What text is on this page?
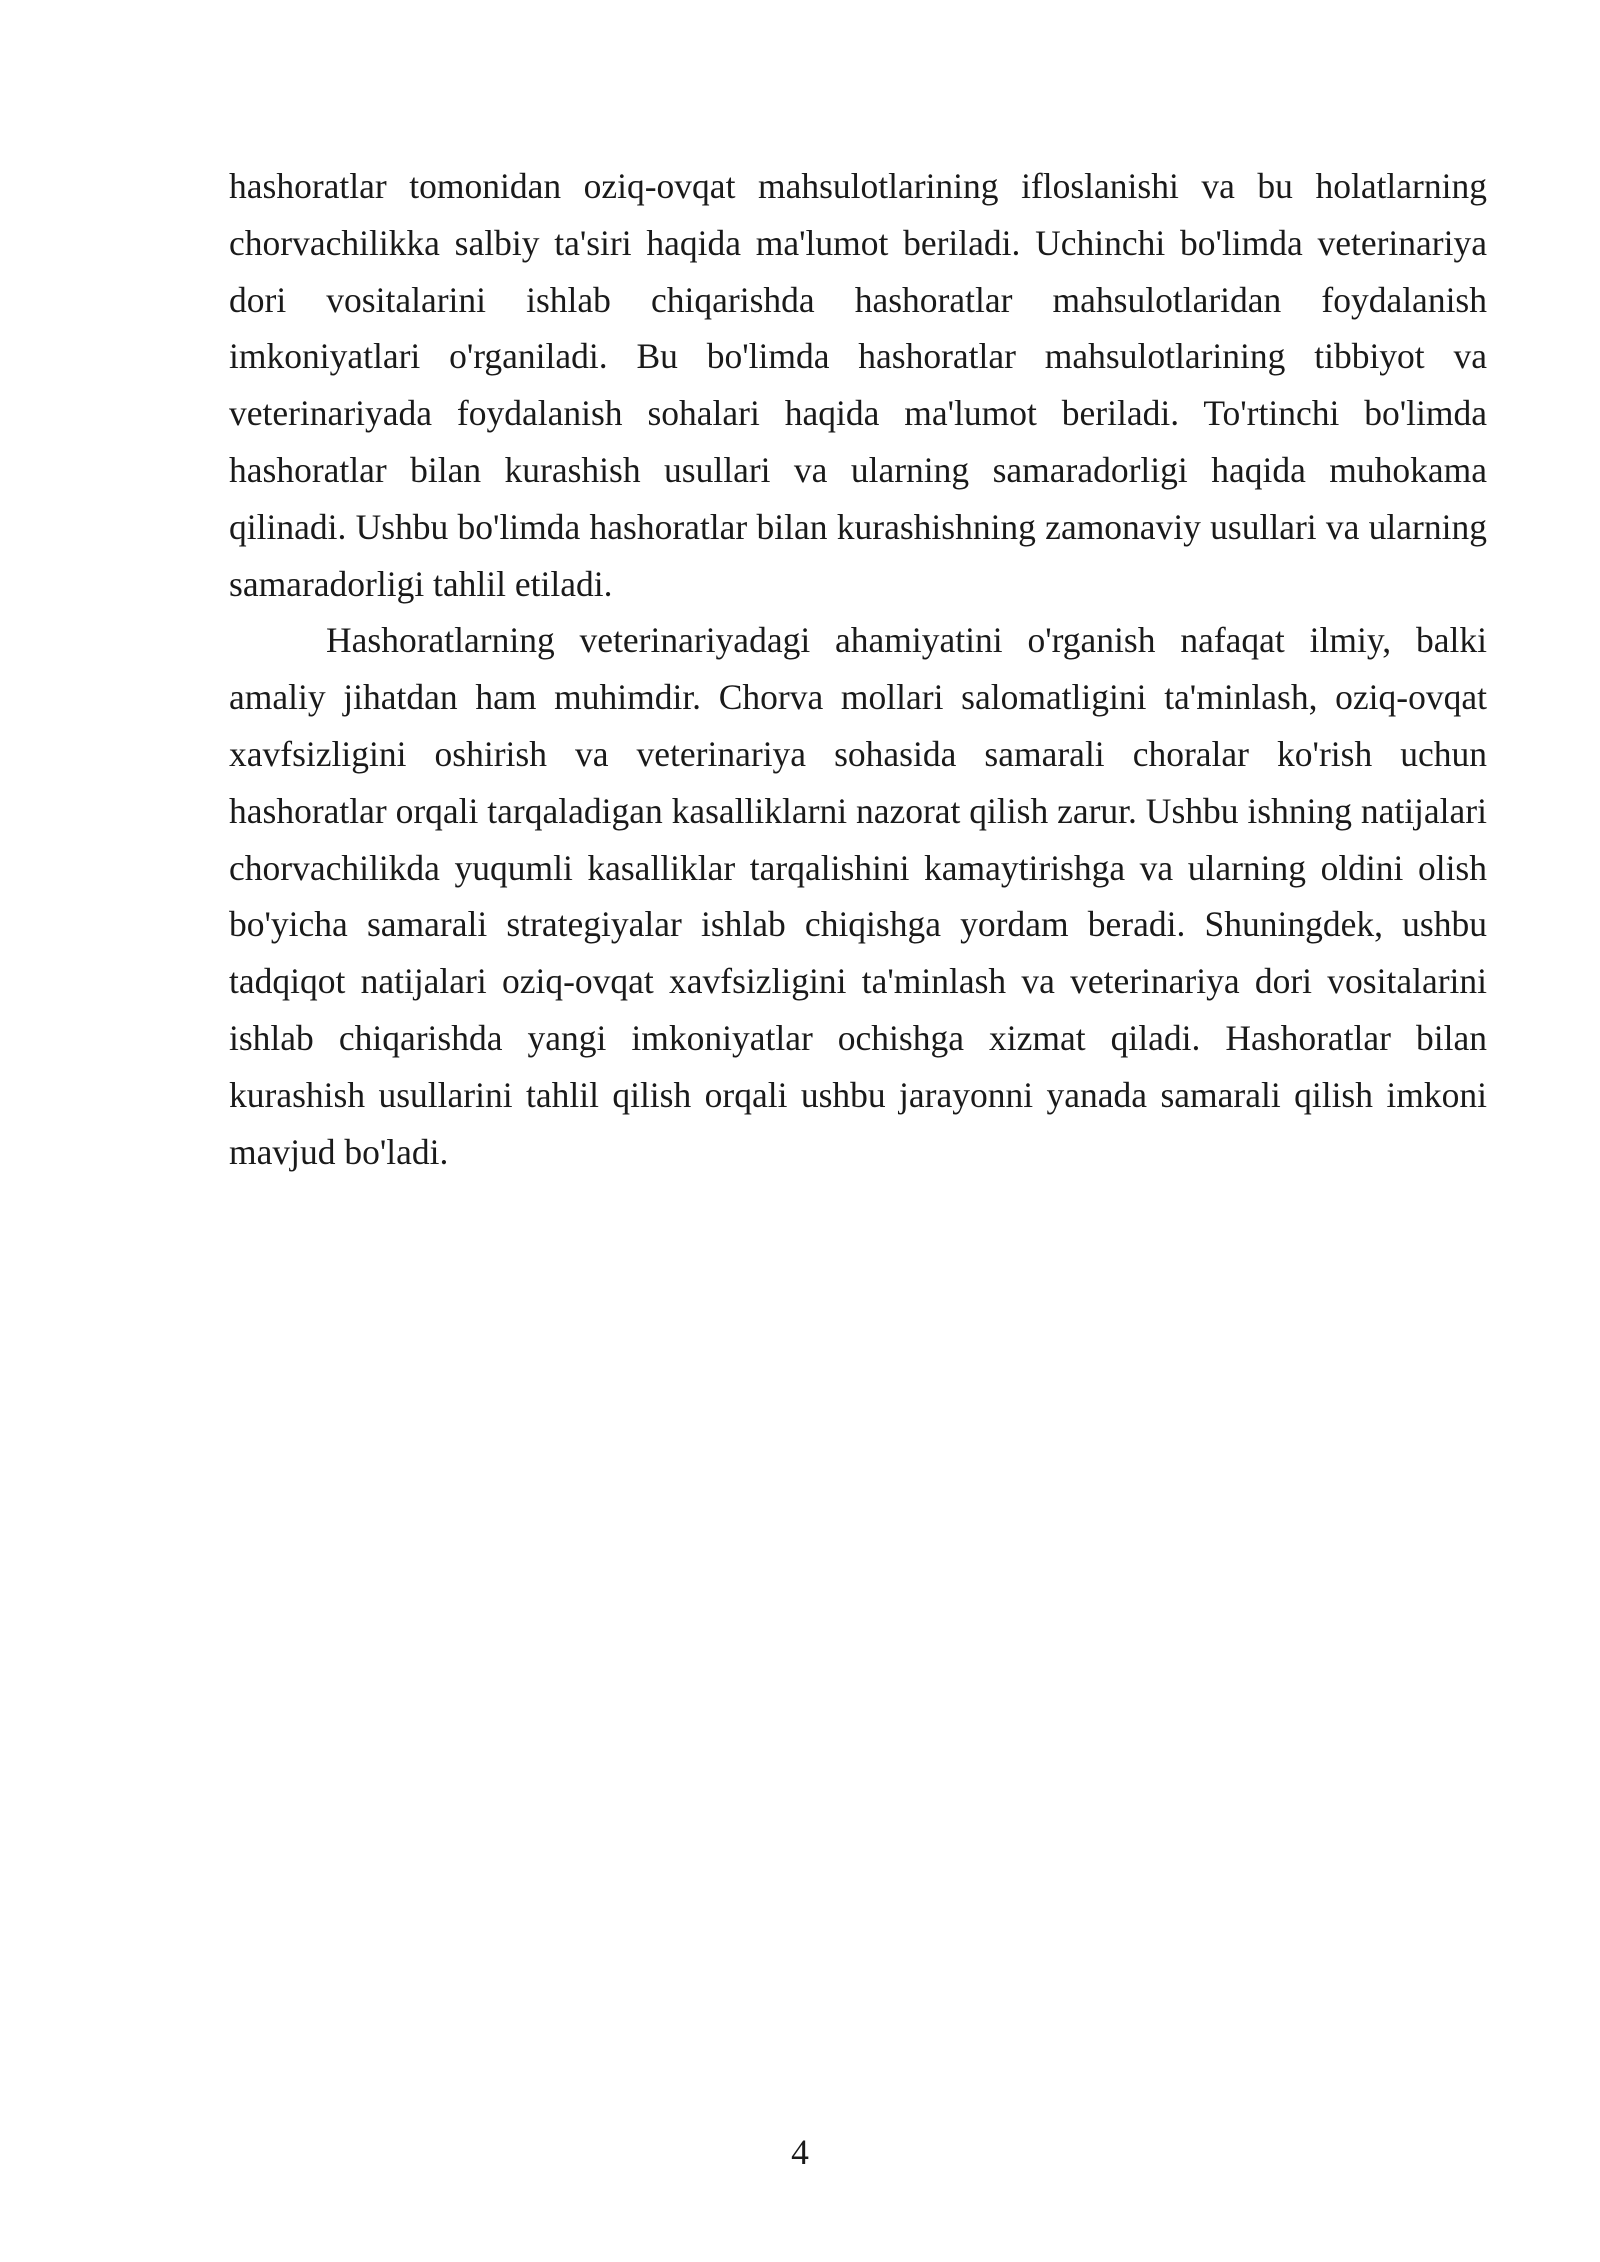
hashoratlar tomonidan oziq-ovqat mahsulotlarining ifloslanishi va bu holatlarning chorvachilikka salbiy ta'siri haqida ma'lumot beriladi. Uchinchi bo'limda veterinariya dori vositalarini ishlab chiqarishda hashoratlar mahsulotlaridan foydalanish imkoniyatlari o'rganiladi. Bu bo'limda hashoratlar mahsulotlarining tibbiyot va veterinariyada foydalanish sohalari haqida ma'lumot beriladi. To'rtinchi bo'limda hashoratlar bilan kurashish usullari va ularning samaradorligi haqida muhokama qilinadi. Ushbu bo'limda hashoratlar bilan kurashishning zamonaviy usullari va ularning samaradorligi tahlil etiladi.

Hashoratlarning veterinariyadagi ahamiyatini o'rganish nafaqat ilmiy, balki amaliy jihatdan ham muhimdir. Chorva mollari salomatligini ta'minlash, oziq-ovqat xavfsizligini oshirish va veterinariya sohasida samarali choralar ko'rish uchun hashoratlar orqali tarqaladigan kasalliklarni nazorat qilish zarur. Ushbu ishning natijalari chorvachilikda yuqumli kasalliklar tarqalishini kamaytirishga va ularning oldini olish bo'yicha samarali strategiyalar ishlab chiqishga yordam beradi. Shuningdek, ushbu tadqiqot natijalari oziq-ovqat xavfsizligini ta'minlash va veterinariya dori vositalarini ishlab chiqarishda yangi imkoniyatlar ochishga xizmat qiladi. Hashoratlar bilan kurashish usullarini tahlil qilish orqali ushbu jarayonni yanada samarali qilish imkoni mavjud bo'ladi.

4
